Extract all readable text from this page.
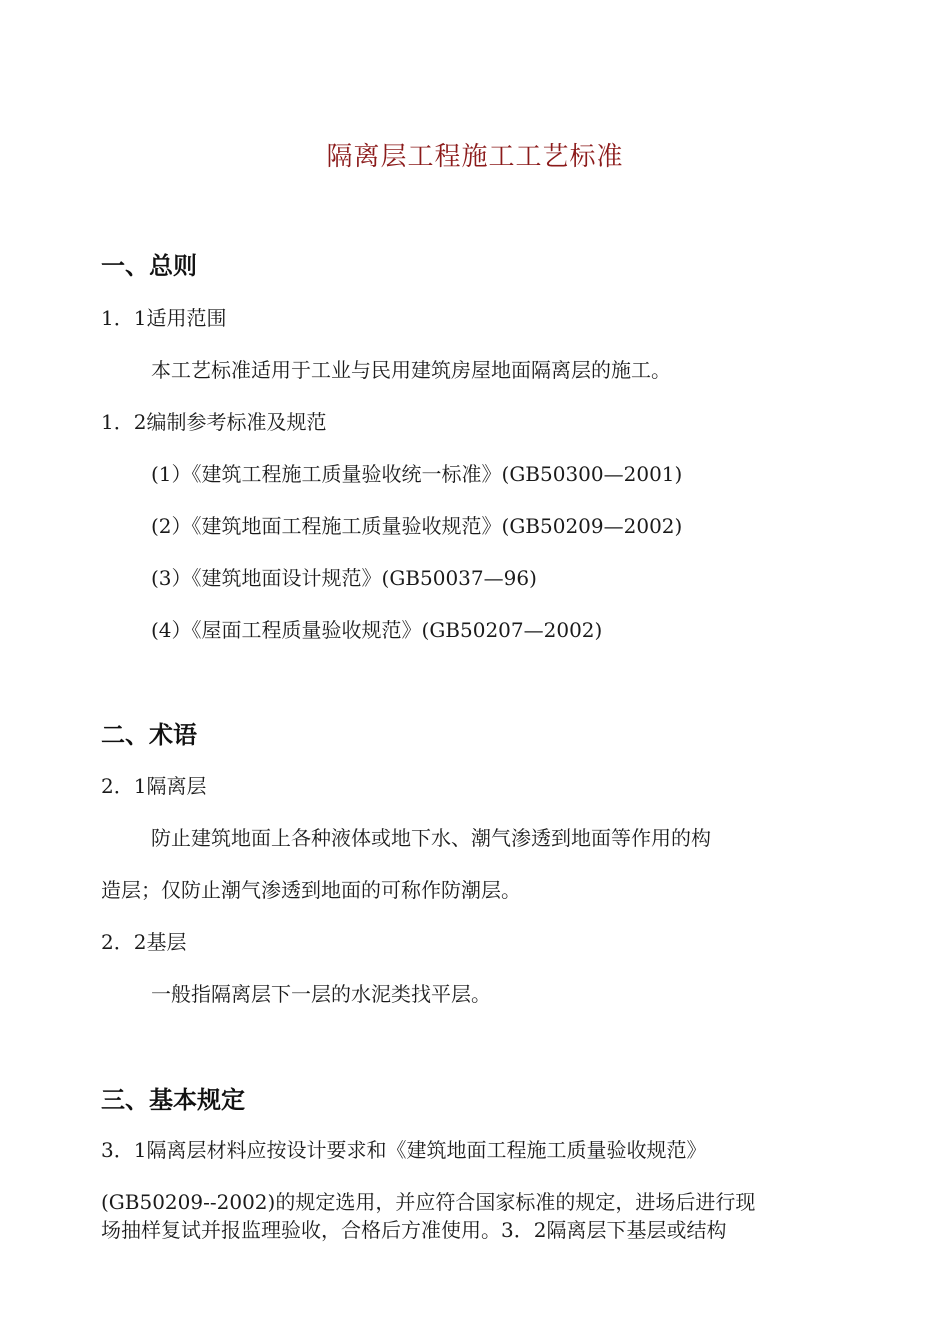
隔离层工程施工工艺标准
一、总则
1．1适用范围
本工艺标准适用于工业与民用建筑房屋地面隔离层的施工。
1．2编制参考标准及规范
(1）《建筑工程施工质量验收统一标准》(GB50300—2001)
(2）《建筑地面工程施工质量验收规范》(GB50209—2002)
(3）《建筑地面设计规范》(GB50037—96)
(4）《屋面工程质量验收规范》(GB50207—2002)
二、术语
2．1隔离层
防止建筑地面上各种液体或地下水、潮气渗透到地面等作用的构
造层；仅防止潮气渗透到地面的可称作防潮层。
2．2基层
一般指隔离层下一层的水泥类找平层。
三、基本规定
3．1隔离层材料应按设计要求和《建筑地面工程施工质量验收规范》
(GB50209--2002)的规定选用，并应符合国家标准的规定，进场后进行现
场抽样复试并报监理验收，合格后方准使用。3．2隔离层下基层或结构
